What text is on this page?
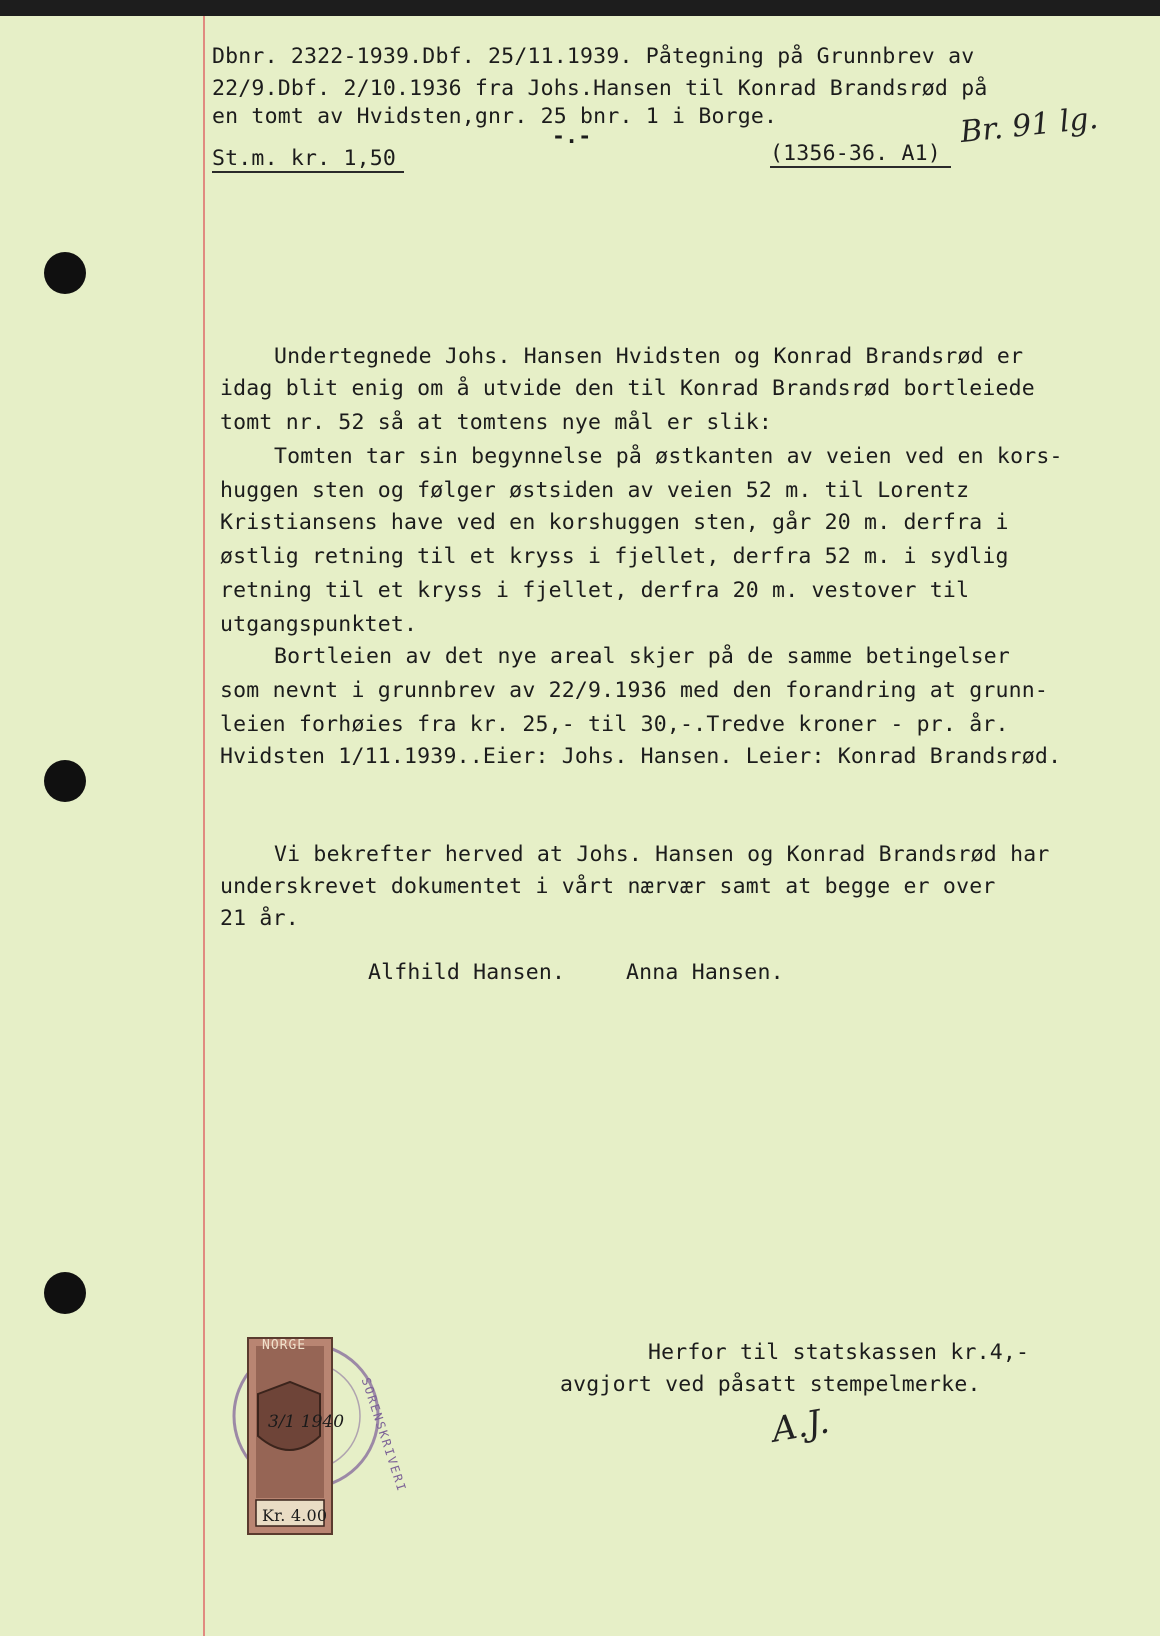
Dbnr. 2322-1939.Dbf. 25/11.1939. Påtegning på Grunnbrev av

22/9.Dbf. 2/10.1936 fra Johs.Hansen til Konrad Brandsrød på

en tomt av Hvidsten,gnr. 25 bnr. 1 i Borge.

-.-

St.m. kr. 1,50	(1356-36. A1)

Br. 91 lg.

Undertegnede Johs. Hansen Hvidsten og Konrad Brandsrød er

idag blit enig om å utvide den til Konrad Brandsrød bortleiede

tomt nr. 52 så at tomtens nye mål er slik:

Tomten tar sin begynnelse på østkanten av veien ved en kors-

huggen sten og følger østsiden av veien 52 m. til Lorentz

Kristiansens have ved en korshuggen sten, går 20 m. derfra i

østlig retning til et kryss i fjellet, derfra 52 m. i sydlig

retning til et kryss i fjellet, derfra 20 m. vestover til

utgangspunktet.

Bortleien av det nye areal skjer på de samme betingelser

som nevnt i grunnbrev av 22/9.1936 med den forandring at grunn-

leien forhøies fra kr. 25,- til 30,-.Tredve kroner - pr. år.

Hvidsten 1/11.1939..Eier: Johs. Hansen. Leier: Konrad Brandsrød.

Vi bekrefter herved at Johs. Hansen og Konrad Brandsrød har

underskrevet dokumentet i vårt nærvær samt at begge er over

21 år.

Alfhild Hansen.	Anna Hansen.

NORGE
Kr. 4.00
3/1 1940 SORENSKRIVERI

Herfor til statskassen kr.4,-

avgjort ved påsatt stempelmerke.

A.J.
